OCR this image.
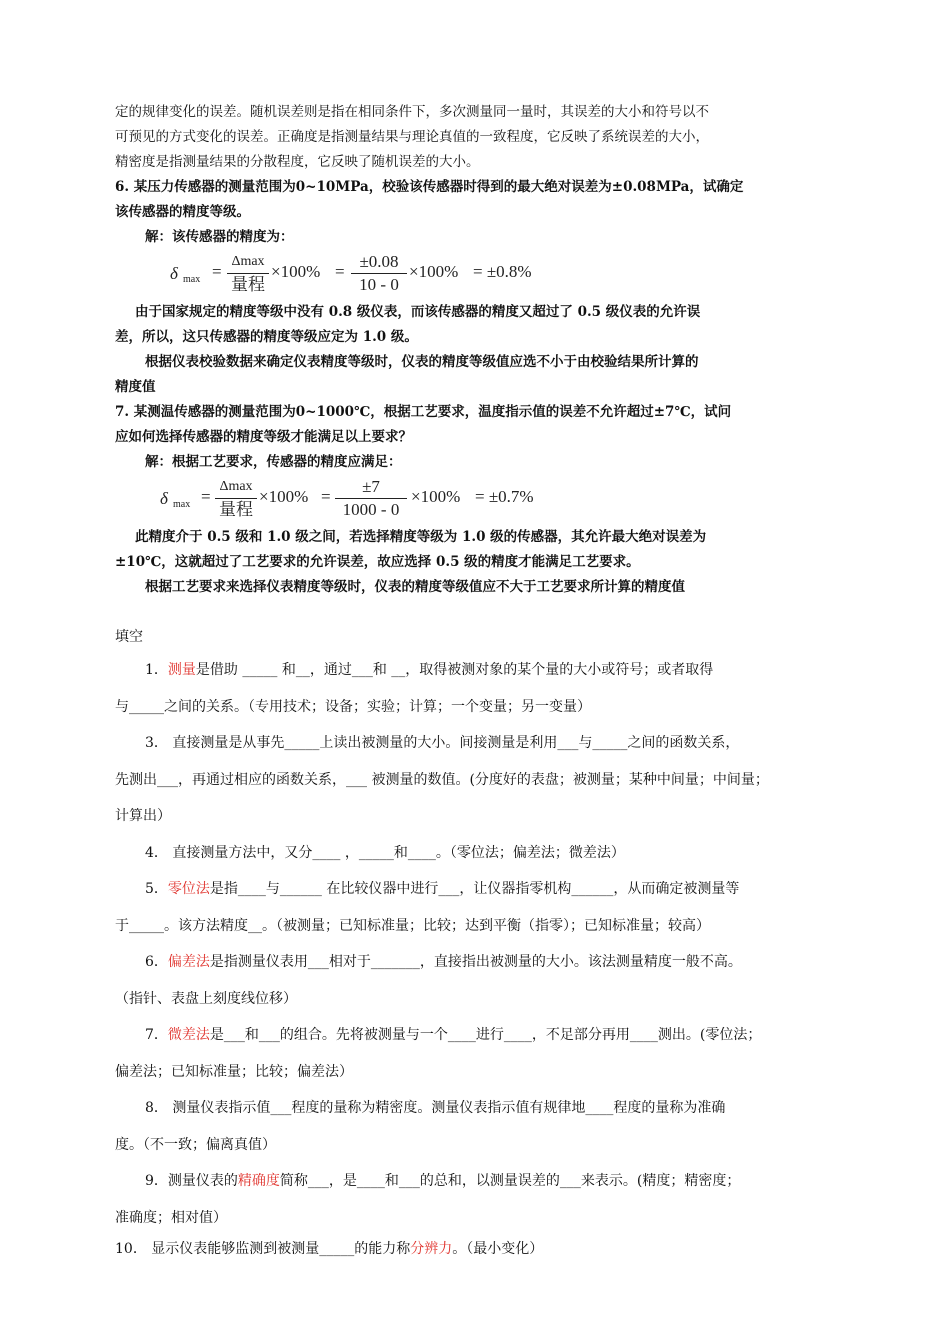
定的规律变化的误差。随机误差则是指在相同条件下，多次测量同一量时，其误差的大小和符号以不

可预见的方式变化的误差。正确度是指测量结果与理论真值的一致程度，它反映了系统误差的大小，

精密度是指测量结果的分散程度，它反映了随机误差的大小。

6. 某压力传感器的测量范围为0~10MPa，校验该传感器时得到的最大绝对误差为±0.08MPa，试确定

该传感器的精度等级。

解：该传感器的精度为：

δ max =
Δmax
量程
×100% =
±0.08
10 - 0
×100% = ±0.8%

由于国家规定的精度等级中没有 0.8 级仪表，而该传感器的精度又超过了 0.5 级仪表的允许误

差，所以，这只传感器的精度等级应定为 1.0 级。

根据仪表校验数据来确定仪表精度等级时，仪表的精度等级值应选不小于由校验结果所计算的

精度值

7. 某测温传感器的测量范围为0~1000℃，根据工艺要求，温度指示值的误差不允许超过±7℃，试问

应如何选择传感器的精度等级才能满足以上要求？

解：根据工艺要求，传感器的精度应满足：

δ max =
Δmax
量程
×100% =
±7
1000 - 0
×100% = ±0.7%

此精度介于 0.5 级和 1.0 级之间，若选择精度等级为 1.0 级的传感器，其允许最大绝对误差为

±10℃，这就超过了工艺要求的允许误差，故应选择 0.5 级的精度才能满足工艺要求。

根据工艺要求来选择仪表精度等级时，仪表的精度等级值应不大于工艺要求所计算的精度值

填空

1．测量是借助 _____ 和__，通过___和 __，取得被测对象的某个量的大小或符号；或者取得

与_____之间的关系。（专用技术；设备；实验；计算；一个变量；另一变量）

3． 直接测量是从事先_____上读出被测量的大小。间接测量是利用___与_____之间的函数关系，

先测出___，再通过相应的函数关系，___ 被测量的数值。(分度好的表盘；被测量；某种中间量；中间量；

计算出）

4． 直接测量方法中，又分____ ，_____和____。（零位法；偏差法；微差法）

5．零位法是指____与______ 在比较仪器中进行___，让仪器指零机构______，从而确定被测量等

于_____。该方法精度__。（被测量；已知标准量；比较；达到平衡（指零）；已知标准量；较高）

6．偏差法是指测量仪表用___相对于_______，直接指出被测量的大小。该法测量精度一般不高。

（指针、表盘上刻度线位移）

7．微差法是___和___的组合。先将被测量与一个____进行____，不足部分再用____测出。(零位法；

偏差法；已知标准量；比较；偏差法）

8． 测量仪表指示值___程度的量称为精密度。测量仪表指示值有规律地____程度的量称为准确

度。（不一致；偏离真值）

9．测量仪表的精确度简称___，是____和___的总和，以测量误差的___来表示。(精度；精密度；

准确度；相对值）

10． 显示仪表能够监测到被测量_____的能力称分辨力。（最小变化）
